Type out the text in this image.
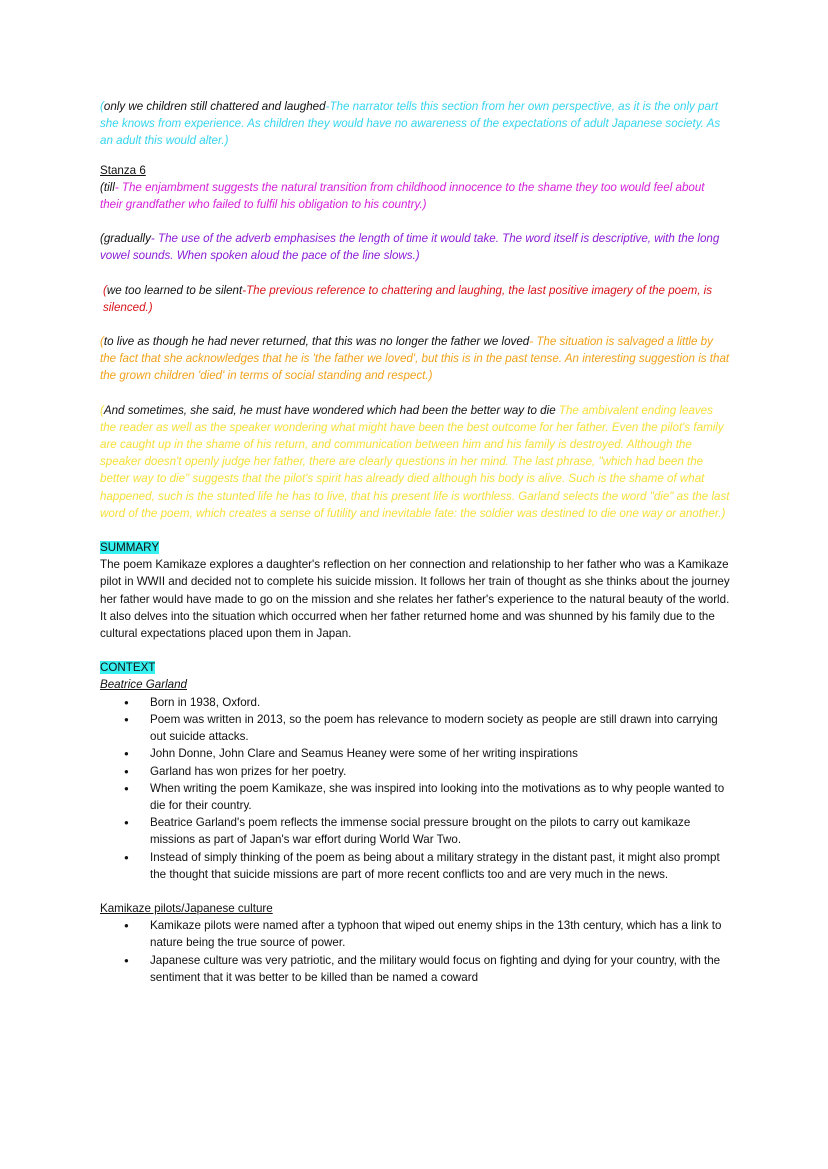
(only we children still chattered and laughed-The narrator tells this section from her own perspective, as it is the only part she knows from experience. As children they would have no awareness of the expectations of adult Japanese society. As an adult this would alter.)

Stanza 6

(till- The enjambment suggests the natural transition from childhood innocence to the shame they too would feel about their grandfather who failed to fulfil his obligation to his country.)

(gradually- The use of the adverb emphasises the length of time it would take. The word itself is descriptive, with the long vowel sounds. When spoken aloud the pace of the line slows.)

(we too learned to be silent-The previous reference to chattering and laughing, the last positive imagery of the poem, is silenced.)

(to live as though he had never returned, that this was no longer the father we loved- The situation is salvaged a little by the fact that she acknowledges that he is 'the father we loved', but this is in the past tense. An interesting suggestion is that the grown children 'died' in terms of social standing and respect.)

(And sometimes, she said, he must have wondered which had been the better way to die The ambivalent ending leaves the reader as well as the speaker wondering what might have been the best outcome for her father. Even the pilot's family are caught up in the shame of his return, and communication between him and his family is destroyed. Although the speaker doesn't openly judge her father, there are clearly questions in her mind. The last phrase, "which had been the better way to die" suggests that the pilot's spirit has already died although his body is alive. Such is the shame of what happened, such is the stunted life he has to live, that his present life is worthless. Garland selects the word "die" as the last word of the poem, which creates a sense of futility and inevitable fate: the soldier was destined to die one way or another.)

SUMMARY

The poem Kamikaze explores a daughter's reflection on her connection and relationship to her father who was a Kamikaze pilot in WWII and decided not to complete his suicide mission. It follows her train of thought as she thinks about the journey her father would have made to go on the mission and she relates her father's experience to the natural beauty of the world. It also delves into the situation which occurred when her father returned home and was shunned by his family due to the cultural expectations placed upon them in Japan.

CONTEXT

Beatrice Garland

● Born in 1938, Oxford.
● Poem was written in 2013, so the poem has relevance to modern society as people are still drawn into carrying out suicide attacks.
● John Donne, John Clare and Seamus Heaney were some of her writing inspirations
● Garland has won prizes for her poetry.
● When writing the poem Kamikaze, she was inspired into looking into the motivations as to why people wanted to die for their country.
● Beatrice Garland's poem reflects the immense social pressure brought on the pilots to carry out kamikaze missions as part of Japan's war effort during World War Two.
● Instead of simply thinking of the poem as being about a military strategy in the distant past, it might also prompt the thought that suicide missions are part of more recent conflicts too and are very much in the news.

Kamikaze pilots/Japanese culture

● Kamikaze pilots were named after a typhoon that wiped out enemy ships in the 13th century, which has a link to nature being the true source of power.
● Japanese culture was very patriotic, and the military would focus on fighting and dying for your country, with the sentiment that it was better to be killed than be named a coward
